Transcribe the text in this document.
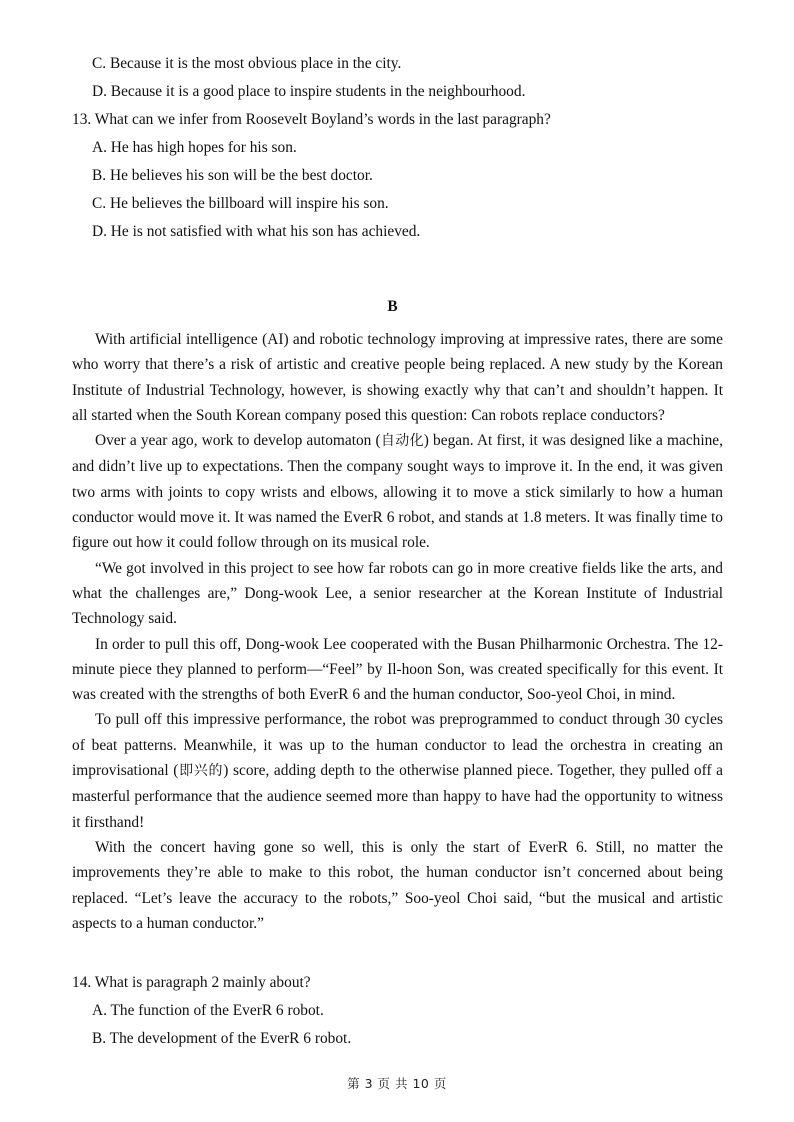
C. Because it is the most obvious place in the city.

D. Because it is a good place to inspire students in the neighbourhood.

13. What can we infer from Roosevelt Boyland’s words in the last paragraph?

A. He has high hopes for his son.

B. He believes his son will be the best doctor.

C. He believes the billboard will inspire his son.

D. He is not satisfied with what his son has achieved.

B

With artificial intelligence (AI) and robotic technology improving at impressive rates, there are some who worry that there’s a risk of artistic and creative people being replaced. A new study by the Korean Institute of Industrial Technology, however, is showing exactly why that can’t and shouldn’t happen. It all started when the South Korean company posed this question: Can robots replace conductors?

Over a year ago, work to develop automaton (自动化) began. At first, it was designed like a machine, and didn’t live up to expectations. Then the company sought ways to improve it. In the end, it was given two arms with joints to copy wrists and elbows, allowing it to move a stick similarly to how a human conductor would move it. It was named the EverR 6 robot, and stands at 1.8 meters. It was finally time to figure out how it could follow through on its musical role.

“We got involved in this project to see how far robots can go in more creative fields like the arts, and what the challenges are,” Dong-wook Lee, a senior researcher at the Korean Institute of Industrial Technology said.

In order to pull this off, Dong-wook Lee cooperated with the Busan Philharmonic Orchestra. The 12-minute piece they planned to perform—“Feel” by Il-hoon Son, was created specifically for this event. It was created with the strengths of both EverR 6 and the human conductor, Soo-yeol Choi, in mind.

To pull off this impressive performance, the robot was preprogrammed to conduct through 30 cycles of beat patterns. Meanwhile, it was up to the human conductor to lead the orchestra in creating an improvisational (即兴的) score, adding depth to the otherwise planned piece. Together, they pulled off a masterful performance that the audience seemed more than happy to have had the opportunity to witness it firsthand!

With the concert having gone so well, this is only the start of EverR 6. Still, no matter the improvements they’re able to make to this robot, the human conductor isn’t concerned about being replaced. “Let’s leave the accuracy to the robots,” Soo-yeol Choi said, “but the musical and artistic aspects to a human conductor.”

14. What is paragraph 2 mainly about?

A. The function of the EverR 6 robot.

B. The development of the EverR 6 robot.

第 3 页 共 10 页
